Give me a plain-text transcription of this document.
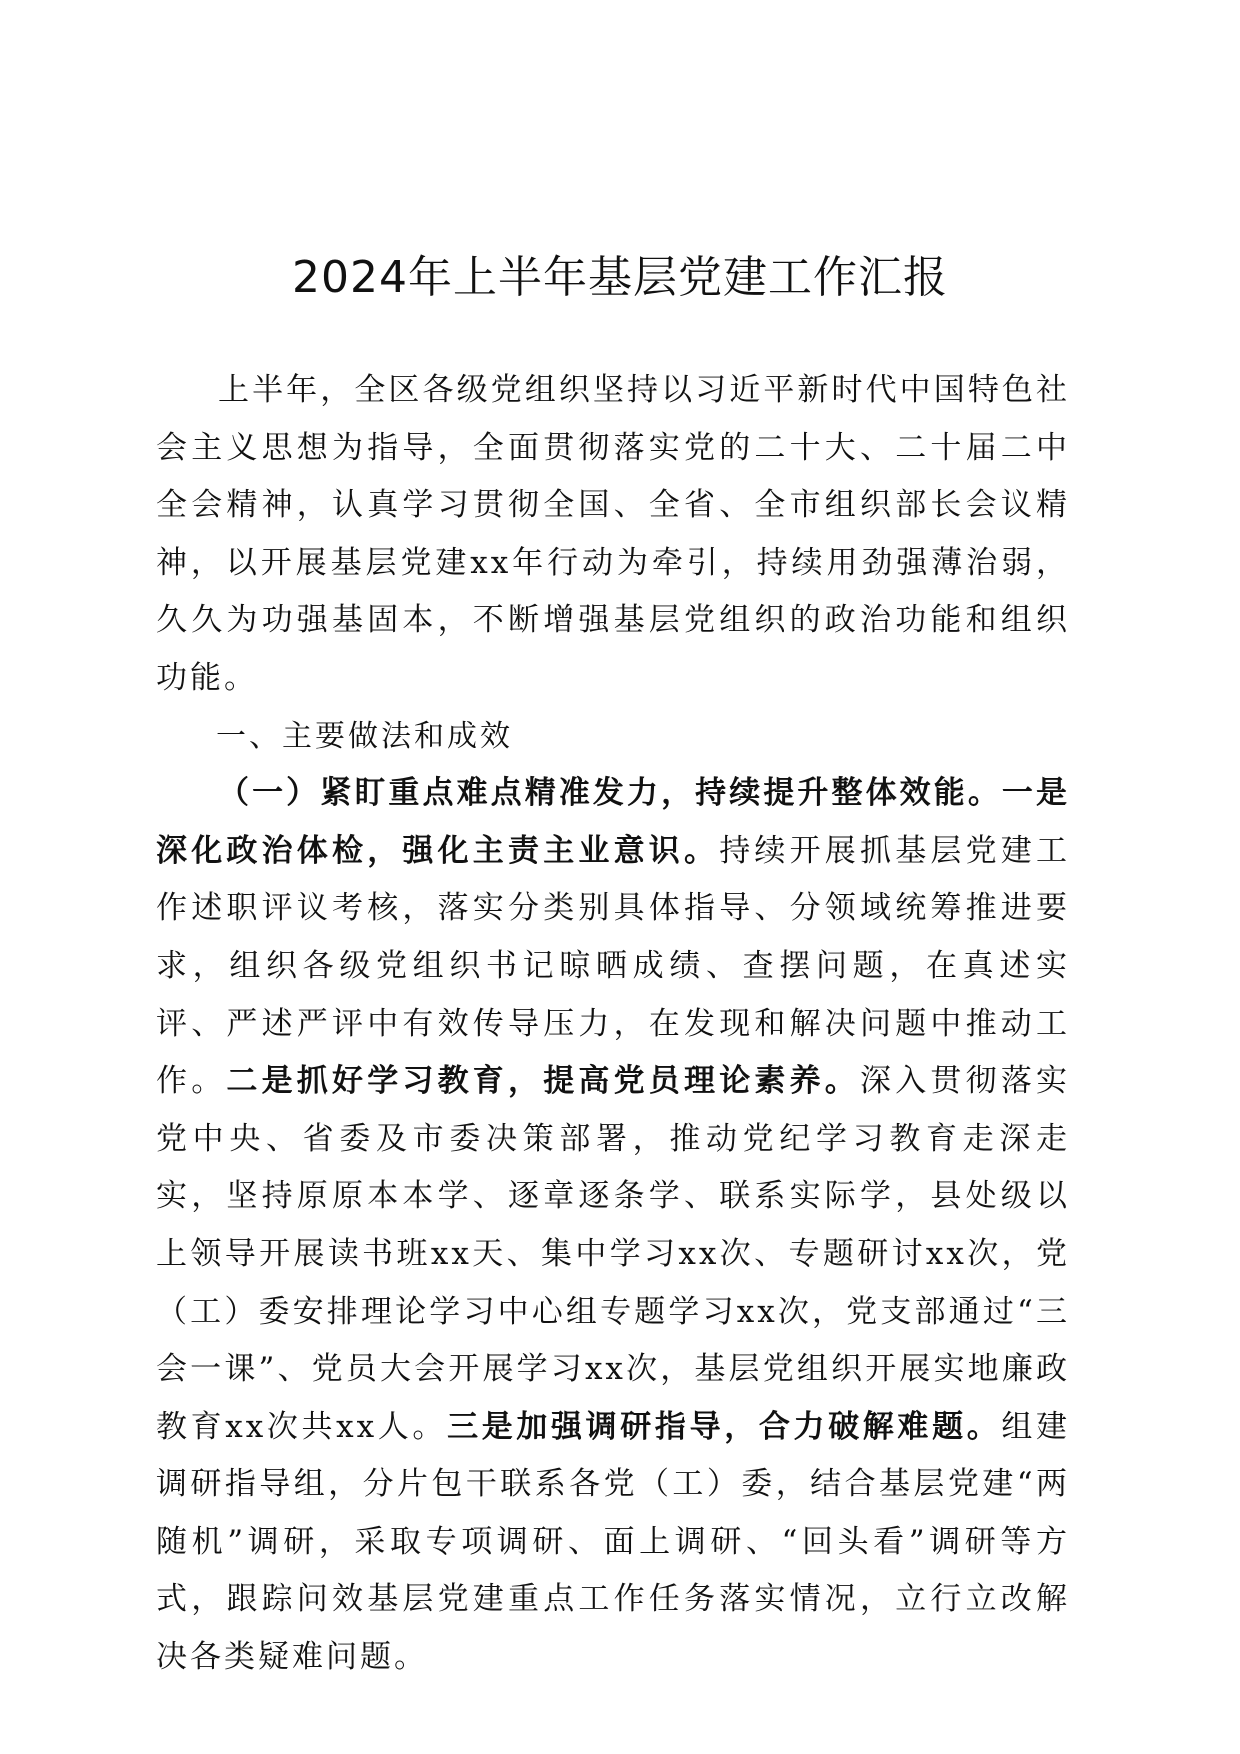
2024年上半年基层党建工作汇报

上半年，全区各级党组织坚持以习近平新时代中国特色社会主义思想为指导，全面贯彻落实党的二十大、二十届二中全会精神，认真学习贯彻全国、全省、全市组织部长会议精神，以开展基层党建xx年行动为牵引，持续用劲强薄治弱，久久为功强基固本，不断增强基层党组织的政治功能和组织功能。

一、主要做法和成效

（一）紧盯重点难点精准发力，持续提升整体效能。一是深化政治体检，强化主责主业意识。持续开展抓基层党建工作述职评议考核，落实分类别具体指导、分领域统筹推进要求，组织各级党组织书记晾晒成绩、查摆问题，在真述实评、严述严评中有效传导压力，在发现和解决问题中推动工作。二是抓好学习教育，提高党员理论素养。深入贯彻落实党中央、省委及市委决策部署，推动党纪学习教育走深走实，坚持原原本本学、逐章逐条学、联系实际学，县处级以上领导开展读书班xx天、集中学习xx次、专题研讨xx次，党（工）委安排理论学习中心组专题学习xx次，党支部通过“三会一课”、党员大会开展学习xx次，基层党组织开展实地廉政教育xx次共xx人。三是加强调研指导，合力破解难题。组建调研指导组，分片包干联系各党（工）委，结合基层党建“两随机”调研，采取专项调研、面上调研、“回头看”调研等方式，跟踪问效基层党建重点工作任务落实情况，立行立改解决各类疑难问题。
